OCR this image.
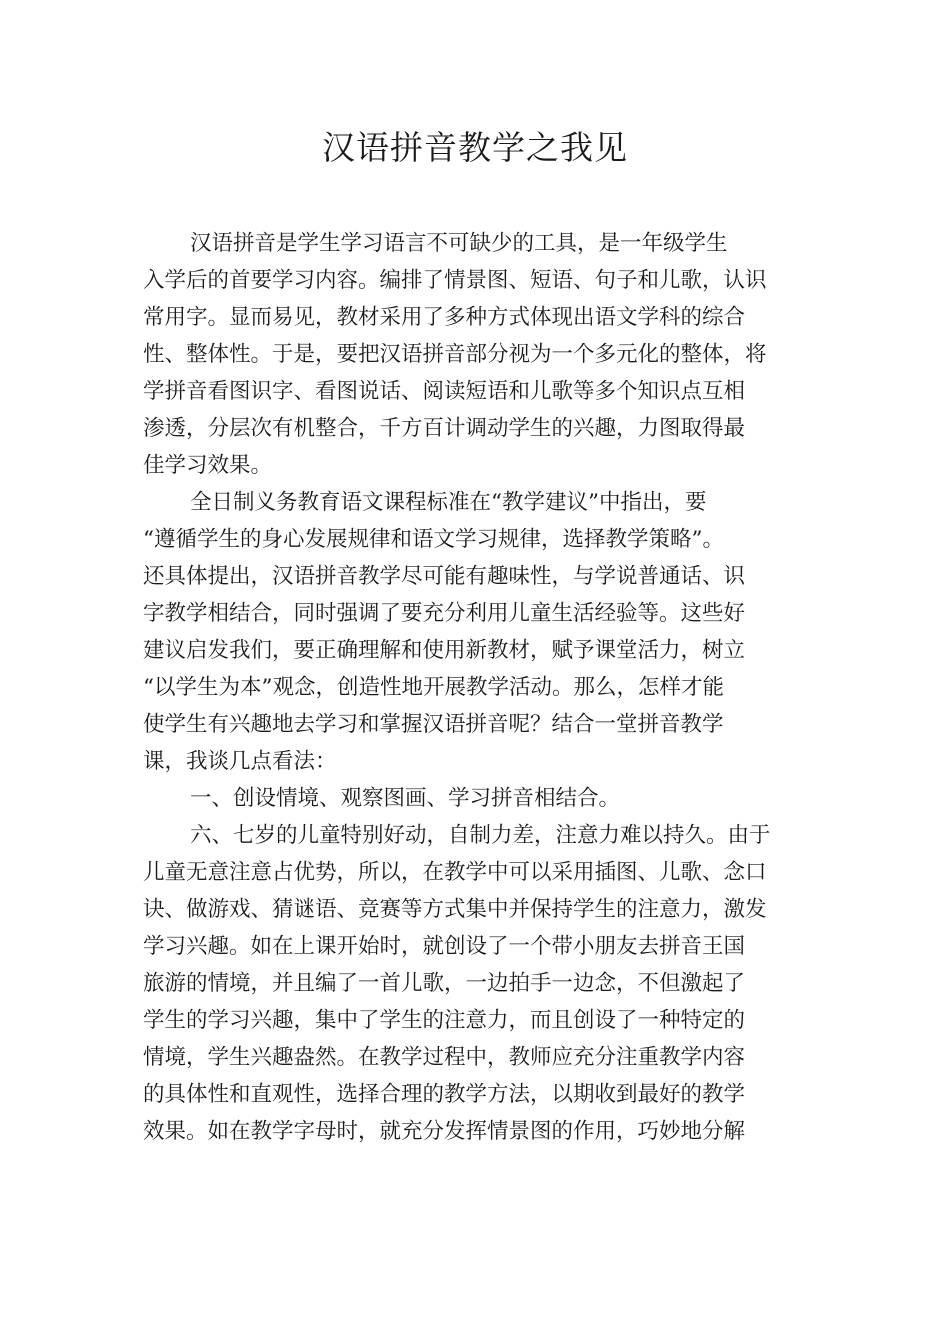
汉语拼音教学之我见
汉语拼音是学生学习语言不可缺少的工具，是一年级学生
入学后的首要学习内容。编排了情景图、短语、句子和儿歌，认识
常用字。显而易见，教材采用了多种方式体现出语文学科的综合
性、整体性。于是，要把汉语拼音部分视为一个多元化的整体，将
学拼音看图识字、看图说话、阅读短语和儿歌等多个知识点互相
渗透，分层次有机整合，千方百计调动学生的兴趣，力图取得最
佳学习效果。
全日制义务教育语文课程标准在“教学建议”中指出，要
“遵循学生的身心发展规律和语文学习规律，选择教学策略”。
还具体提出，汉语拼音教学尽可能有趣味性，与学说普通话、识
字教学相结合，同时强调了要充分利用儿童生活经验等。这些好
建议启发我们，要正确理解和使用新教材，赋予课堂活力，树立
“以学生为本”观念，创造性地开展教学活动。那么，怎样才能
使学生有兴趣地去学习和掌握汉语拼音呢？结合一堂拼音教学
课，我谈几点看法：
一、创设情境、观察图画、学习拼音相结合。
六、七岁的儿童特别好动，自制力差，注意力难以持久。由于
儿童无意注意占优势，所以，在教学中可以采用插图、儿歌、念口
诀、做游戏、猜谜语、竞赛等方式集中并保持学生的注意力，激发
学习兴趣。如在上课开始时，就创设了一个带小朋友去拼音王国
旅游的情境，并且编了一首儿歌，一边拍手一边念，不但激起了
学生的学习兴趣，集中了学生的注意力，而且创设了一种特定的
情境，学生兴趣盎然。在教学过程中，教师应充分注重教学内容
的具体性和直观性，选择合理的教学方法，以期收到最好的教学
效果。如在教学字母时，就充分发挥情景图的作用，巧妙地分解
